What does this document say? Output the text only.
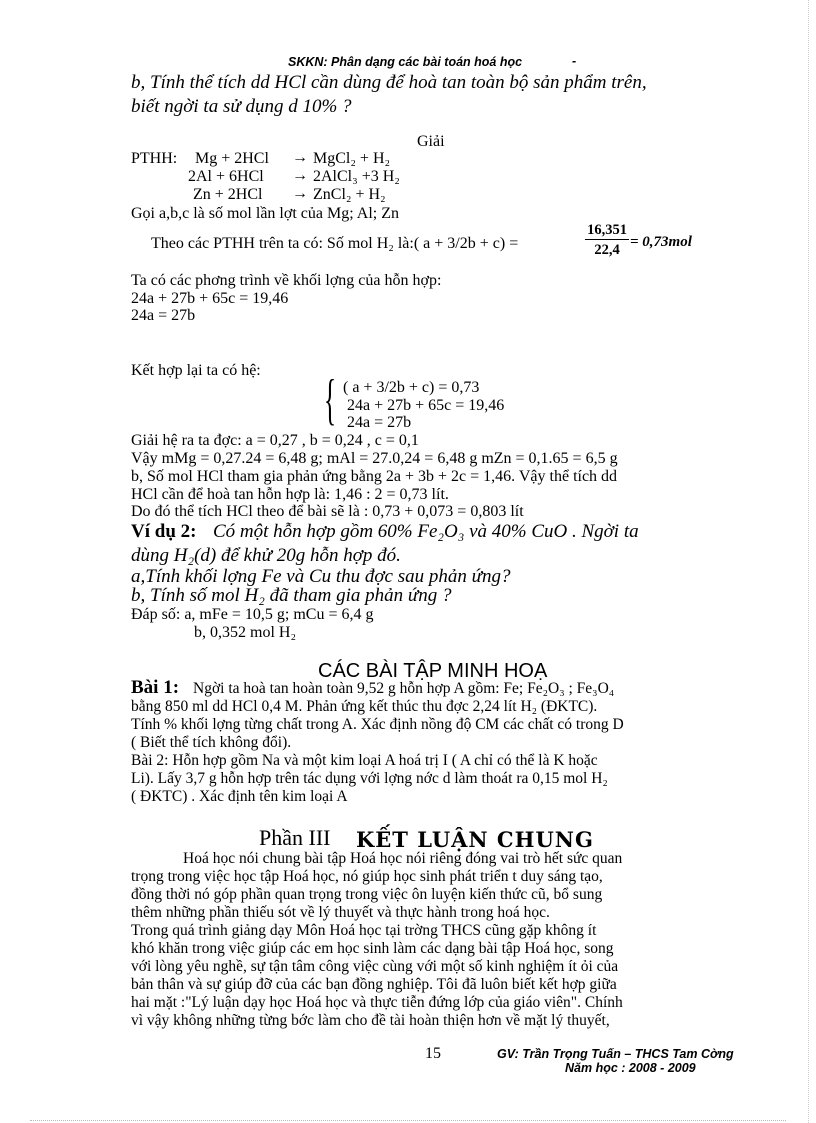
SKKN: Phân dạng các bài toán hoá học	-
b, Tính thể tích dd HCl cần dùng để hoà tan toàn bộ sản phẩm trên,
biết ngời ta sử dụng d 10% ?
Giải
PTHH: Mg + 2HCl → MgCl₂ + H₂
2Al + 6HCl → 2AlCl₃ +3 H₂
Zn + 2HCl → ZnCl₂ + H₂
Gọi a,b,c là số mol lần lợt của Mg; Al; Zn
Theo các PTHH trên ta có: Số mol H₂ là:( a + 3/2b + c) =	$\frac{16,351}{22,4} = 0,73mol$
Ta có các phơng trình về khối lợng của hỗn hợp:
24a + 27b + 65c = 19,46
24a = 27b
Kết hợp lại ta có hệ: { ( a + 3/2b + c) = 0,73
24a + 27b + 65c = 19,46
24a = 27b
Giải hệ ra ta đợc: a = 0,27 , b = 0,24 , c = 0,1
Vậy mMg = 0,27.24 = 6,48 g; mAl = 27.0,24 = 6,48 g mZn = 0,1.65 = 6,5 g
b, Số mol HCl tham gia phản ứng bằng 2a + 3b + 2c = 1,46. Vậy thể tích dd
HCl cần để hoà tan hỗn hợp là: 1,46 : 2 = 0,73 lít.
Do đó thể tích HCl theo để bài sẽ là : 0,73 + 0,073 = 0,803 lít
Ví dụ 2: Có một hỗn hợp gồm 60% Fe₂O₃ và 40% CuO . Ngời ta
dùng H₂(d) để khử 20g hỗn hợp đó.
a,Tính khối lợng Fe và Cu thu đợc sau phản ứng?
b, Tính số mol H₂ đã tham gia phản ứng ?
Đáp số: a, mFe = 10,5 g; mCu = 6,4 g
b, 0,352 mol H₂
CÁC BÀI TẬP MINH HOẠ
Bài 1: Ngời ta hoà tan hoàn toàn 9,52 g hỗn hợp A gồm: Fe; Fe₂O₃ ; Fe₃O₄
bằng 850 ml dd HCl 0,4 M. Phản ứng kết thúc thu đợc 2,24 lít H₂ (ĐKTC).
Tính % khối lợng từng chất trong A. Xác định nồng độ CM các chất có trong D
( Biết thể tích không đổi).
Bài 2: Hỗn hợp gồm Na và một kim loại A hoá trị I ( A chỉ có thể là K hoặc
Li). Lấy 3,7 g hỗn hợp trên tác dụng với lợng nớc d làm thoát ra 0,15 mol H₂
( ĐKTC) . Xác định tên kim loại A
Phần III KẾT LUẬN CHUNG
Hoá học nói chung bài tập Hoá học nói riêng đóng vai trò hết sức quan
trọng trong việc học tập Hoá học, nó giúp học sinh phát triển t duy sáng tạo,
đồng thời nó góp phần quan trọng trong việc ôn luyện kiến thức cũ, bổ sung
thêm những phần thiếu sót về lý thuyết và thực hành trong hoá học.
Trong quá trình giảng dạy Môn Hoá học tại trờng THCS cũng gặp không ít
khó khăn trong việc giúp các em học sinh làm các dạng bài tập Hoá học, song
với lòng yêu nghề, sự tận tâm công việc cùng với một số kinh nghiệm ít ỏi của
bản thân và sự giúp đỡ của các bạn đồng nghiệp. Tôi đã luôn biết kết hợp giữa
hai mặt :"Lý luận dạy học Hoá học và thực tiễn đứng lớp của giáo viên". Chính
vì vậy không những từng bớc làm cho đề tài hoàn thiện hơn về mặt lý thuyết,
15	GV: Trần Trọng Tuấn – THCS Tam Cờng
Năm học : 2008 - 2009
